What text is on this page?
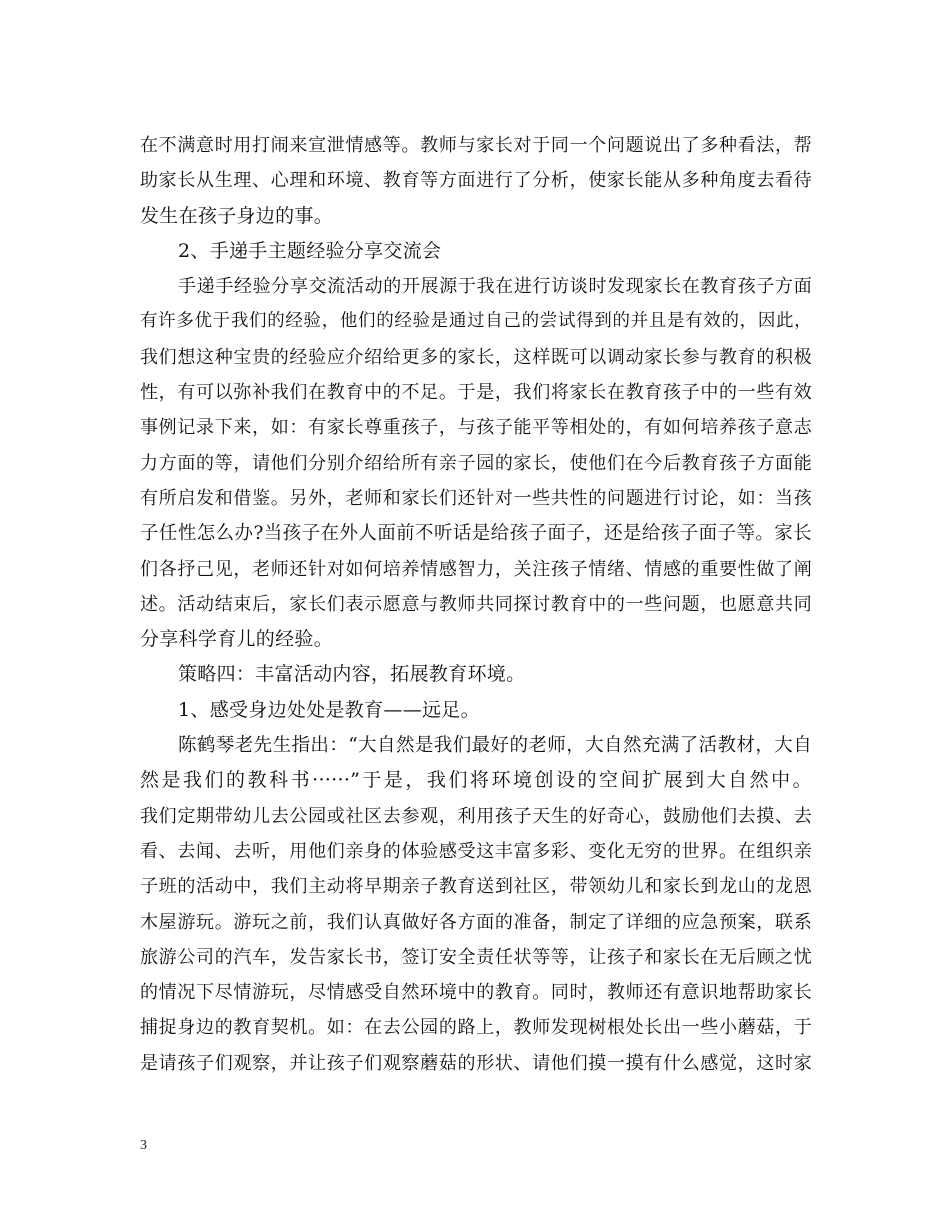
在不满意时用打闹来宣泄情感等。教师与家长对于同一个问题说出了多种看法，帮
助家长从生理、心理和环境、教育等方面进行了分析，使家长能从多种角度去看待
发生在孩子身边的事。
2、手递手主题经验分享交流会
手递手经验分享交流活动的开展源于我在进行访谈时发现家长在教育孩子方面
有许多优于我们的经验，他们的经验是通过自己的尝试得到的并且是有效的，因此，
我们想这种宝贵的经验应介绍给更多的家长，这样既可以调动家长参与教育的积极
性，有可以弥补我们在教育中的不足。于是，我们将家长在教育孩子中的一些有效
事例记录下来，如：有家长尊重孩子，与孩子能平等相处的，有如何培养孩子意志
力方面的等，请他们分别介绍给所有亲子园的家长，使他们在今后教育孩子方面能
有所启发和借鉴。另外，老师和家长们还针对一些共性的问题进行讨论，如：当孩
子任性怎么办?当孩子在外人面前不听话是给孩子面子，还是给孩子面子等。家长
们各抒己见，老师还针对如何培养情感智力，关注孩子情绪、情感的重要性做了阐
述。活动结束后，家长们表示愿意与教师共同探讨教育中的一些问题，也愿意共同
分享科学育儿的经验。
策略四：丰富活动内容，拓展教育环境。
1、感受身边处处是教育——远足。
陈鹤琴老先生指出：“大自然是我们最好的老师，大自然充满了活教材，大自
然是我们的教科书······”于是，我们将环境创设的空间扩展到大自然中。
我们定期带幼儿去公园或社区去参观，利用孩子天生的好奇心，鼓励他们去摸、去
看、去闻、去听，用他们亲身的体验感受这丰富多彩、变化无穷的世界。在组织亲
子班的活动中，我们主动将早期亲子教育送到社区，带领幼儿和家长到龙山的龙恩
木屋游玩。游玩之前，我们认真做好各方面的准备，制定了详细的应急预案，联系
旅游公司的汽车，发告家长书，签订安全责任状等等，让孩子和家长在无后顾之忧
的情况下尽情游玩，尽情感受自然环境中的教育。同时，教师还有意识地帮助家长
捕捉身边的教育契机。如：在去公园的路上，教师发现树根处长出一些小蘑菇，于
是请孩子们观察，并让孩子们观察蘑菇的形状、请他们摸一摸有什么感觉，这时家
3
